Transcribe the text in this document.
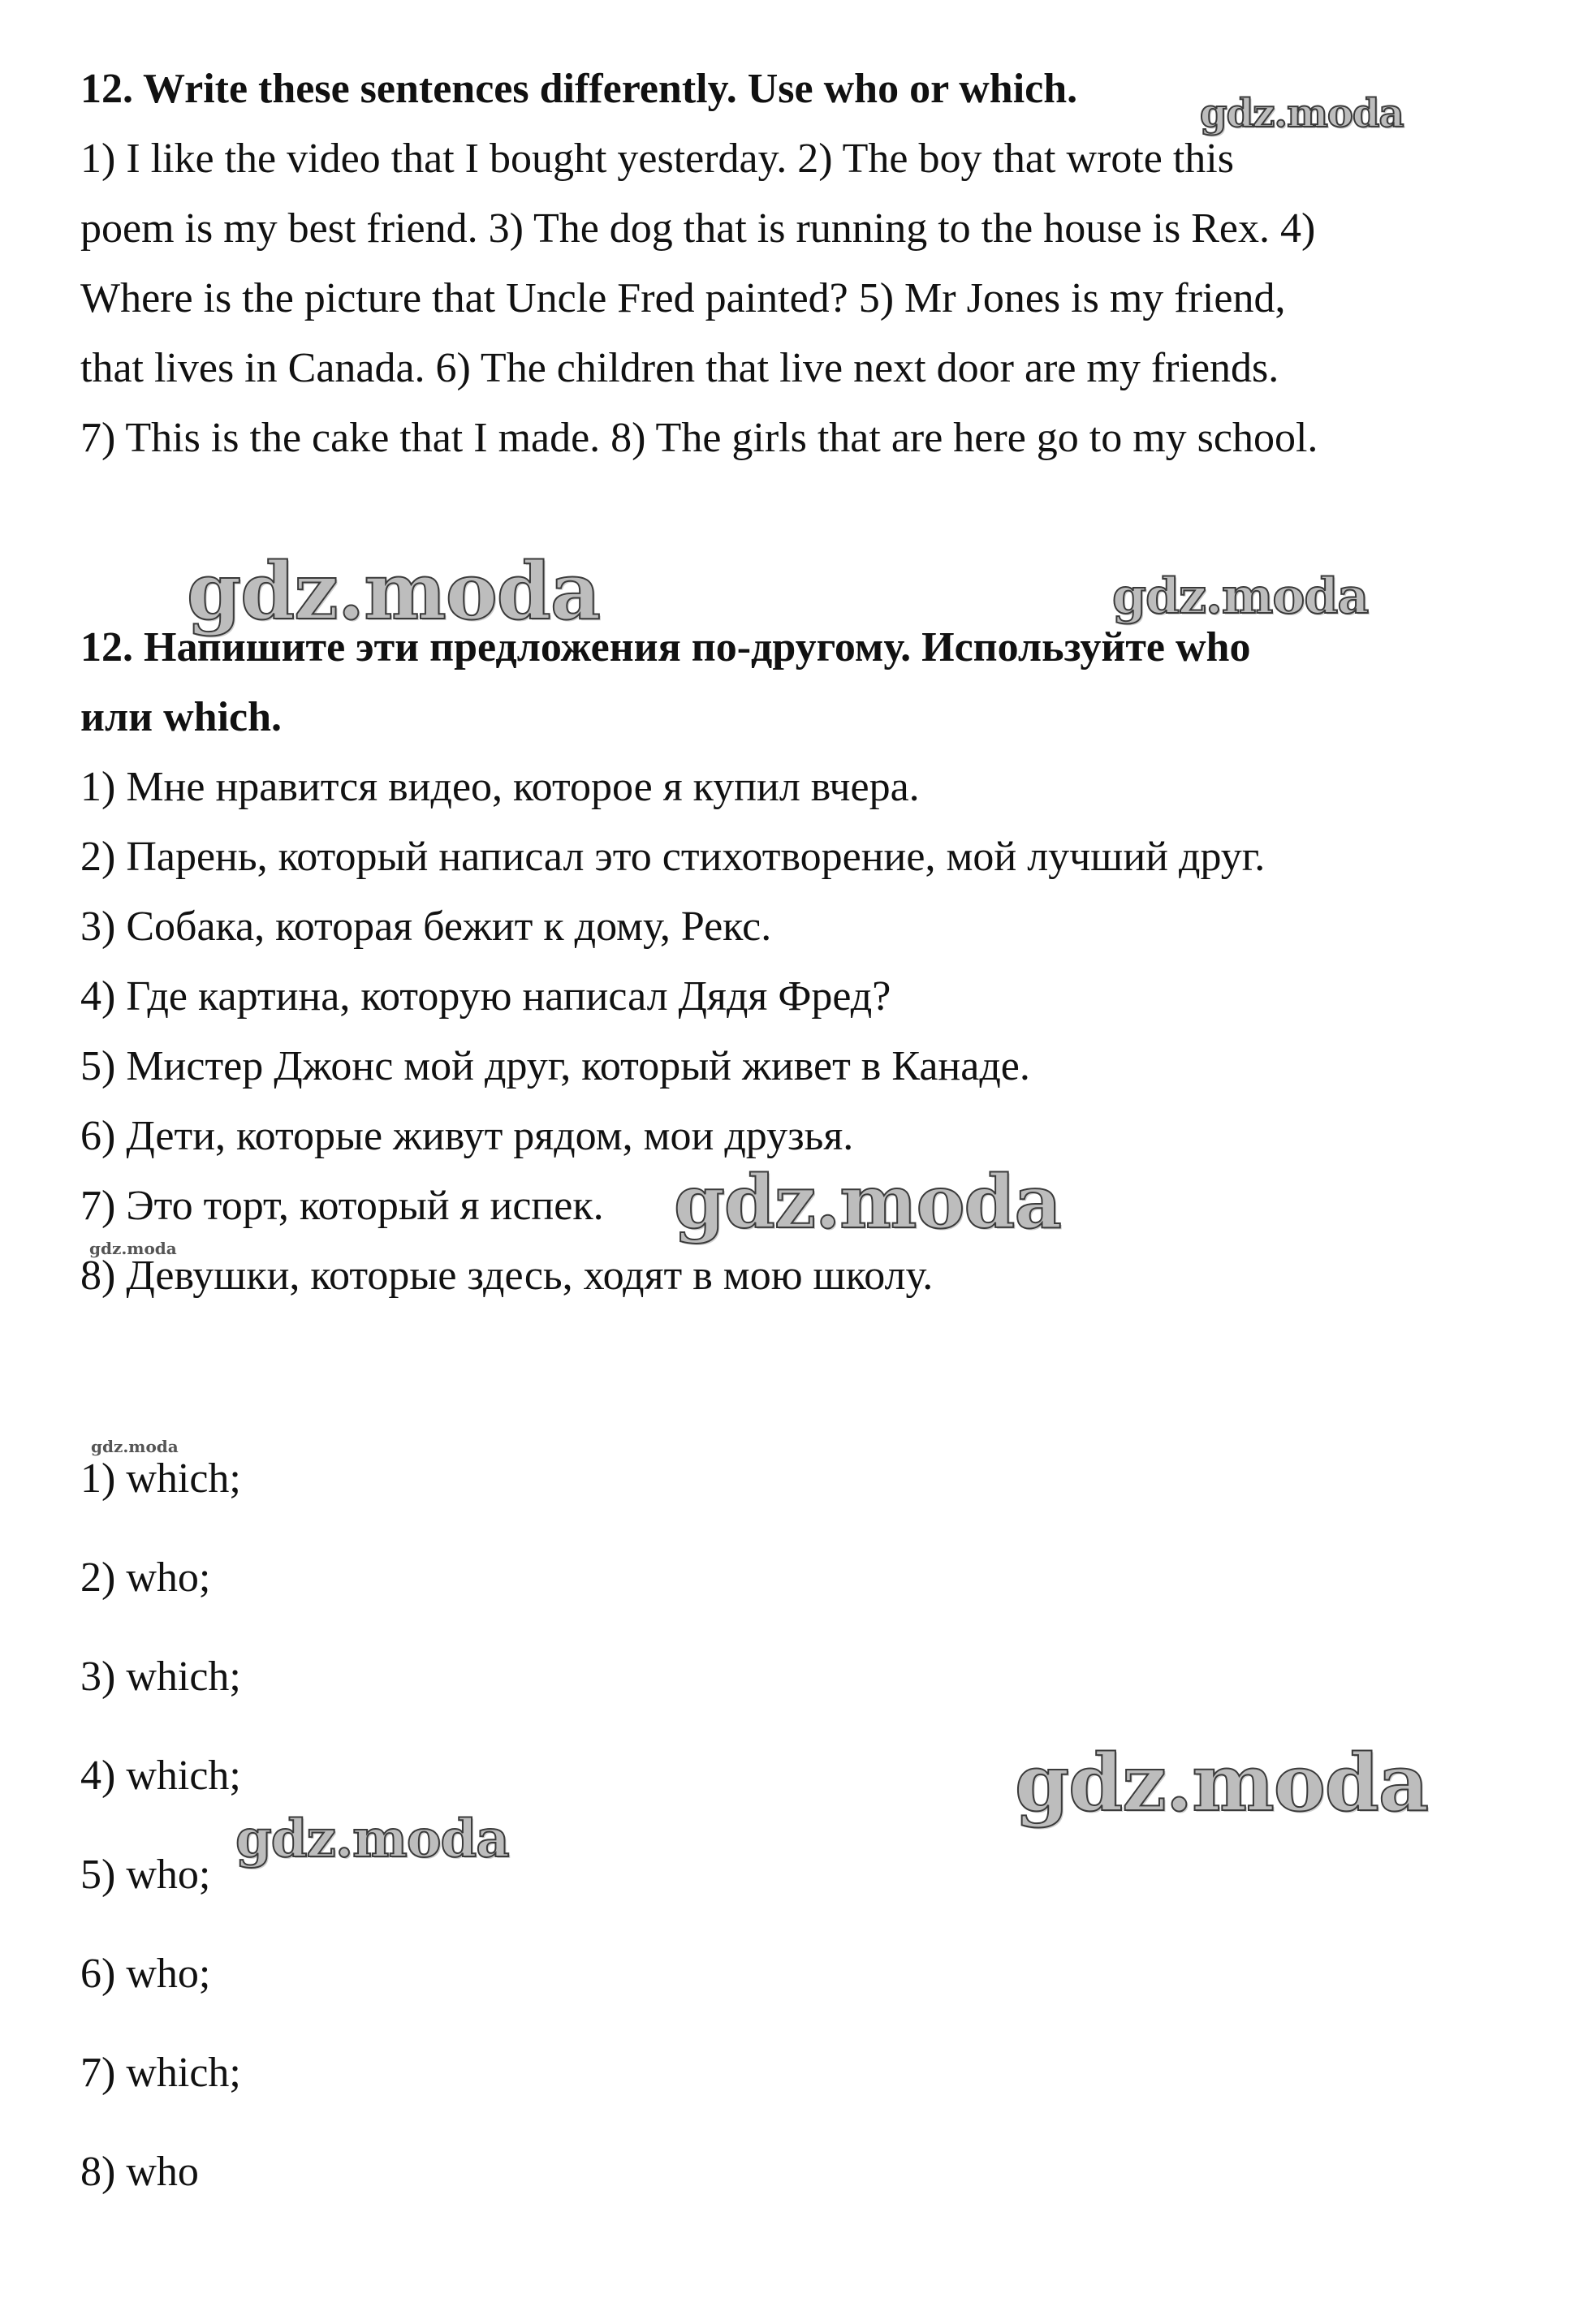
12. Write these sentences differently. Use who or which.
1) I like the video that I bought yesterday. 2) The boy that wrote this
poem is my best friend. 3) The dog that is running to the house is Rex. 4)
Where is the picture that Uncle Fred painted? 5) Mr Jones is my friend,
that lives in Canada. 6) The children that live next door are my friends.
7) This is the cake that I made. 8) The girls that are here go to my school.
12. Напишите эти предложения по-другому. Используйте who
или which.
1) Мне нравится видео, которое я купил вчера.
2) Парень, который написал это стихотворение, мой лучший друг.
3) Собака, которая бежит к дому, Рекс.
4) Где картина, которую написал Дядя Фред?
5) Мистер Джонс мой друг, который живет в Канаде.
6) Дети, которые живут рядом, мои друзья.
7) Это торт, который я испек.
8) Девушки, которые здесь, ходят в мою школу.
1) which;
2) who;
3) which;
4) which;
5) who;
6) who;
7) which;
8) who
gdz.moda
gdz.moda	gdz.moda
gdz.moda
gdz.moda
gdz.moda
gdz.moda
gdz.moda
